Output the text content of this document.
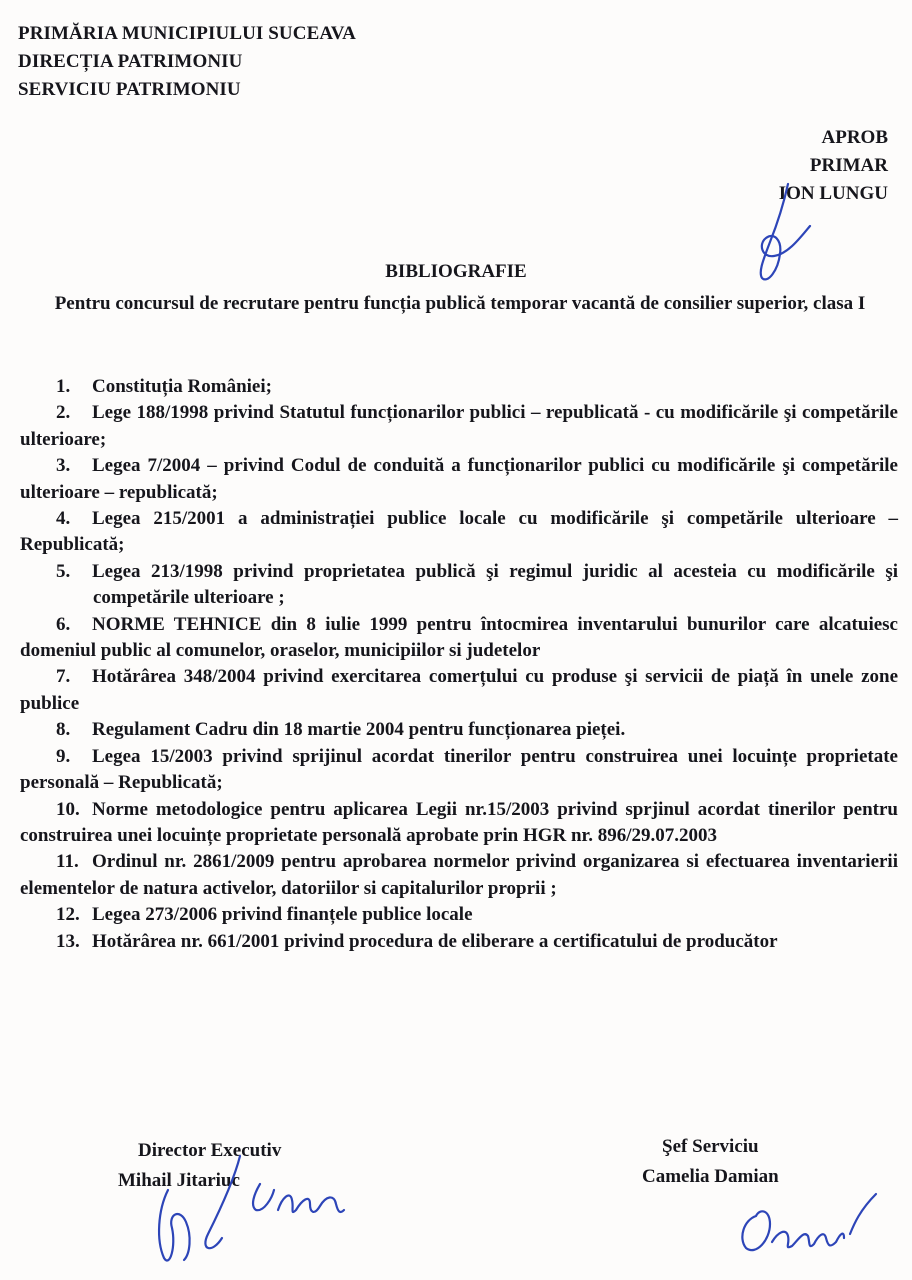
PRIMĂRIA MUNICIPIULUI SUCEAVA
DIRECȚIA PATRIMONIU
SERVICIU PATRIMONIU
APROB
PRIMAR
ION LUNGU
BIBLIOGRAFIE
Pentru concursul de recrutare pentru funcția publică temporar vacantă de consilier superior, clasa I
1. Constituția României;
2. Lege 188/1998 privind Statutul funcționarilor publici – republicată - cu modificările şi competările ulterioare;
3. Legea 7/2004 – privind Codul de conduită a funcționarilor publici cu modificările şi competările ulterioare – republicată;
4. Legea 215/2001 a administrației publice locale cu modificările şi competările ulterioare – Republicată;
5. Legea 213/1998 privind proprietatea publică şi regimul juridic al acesteia cu modificările şi competările ulterioare ;
6. NORME TEHNICE din 8 iulie 1999 pentru întocmirea inventarului bunurilor care alcatuiesc domeniul public al comunelor, oraselor, municipiilor si judetelor
7. Hotărârea 348/2004 privind exercitarea comerțului cu produse şi servicii de piață în unele zone publice
8. Regulament Cadru din 18 martie 2004 pentru funcționarea pieței.
9. Legea 15/2003 privind sprijinul acordat tinerilor pentru construirea unei locuințe proprietate personală – Republicată;
10. Norme metodologice pentru aplicarea Legii nr.15/2003 privind sprjinul acordat tinerilor pentru construirea unei locuințe proprietate personală aprobate prin HGR nr. 896/29.07.2003
11. Ordinul nr. 2861/2009 pentru aprobarea normelor privind organizarea si efectuarea inventarierii elementelor de natura activelor, datoriilor si capitalurilor proprii ;
12. Legea 273/2006 privind finanțele publice locale
13. Hotărârea nr. 661/2001 privind procedura de eliberare a certificatului de producător
Director Executiv
Mihail Jitariuc
Şef Serviciu
Camelia Damian
